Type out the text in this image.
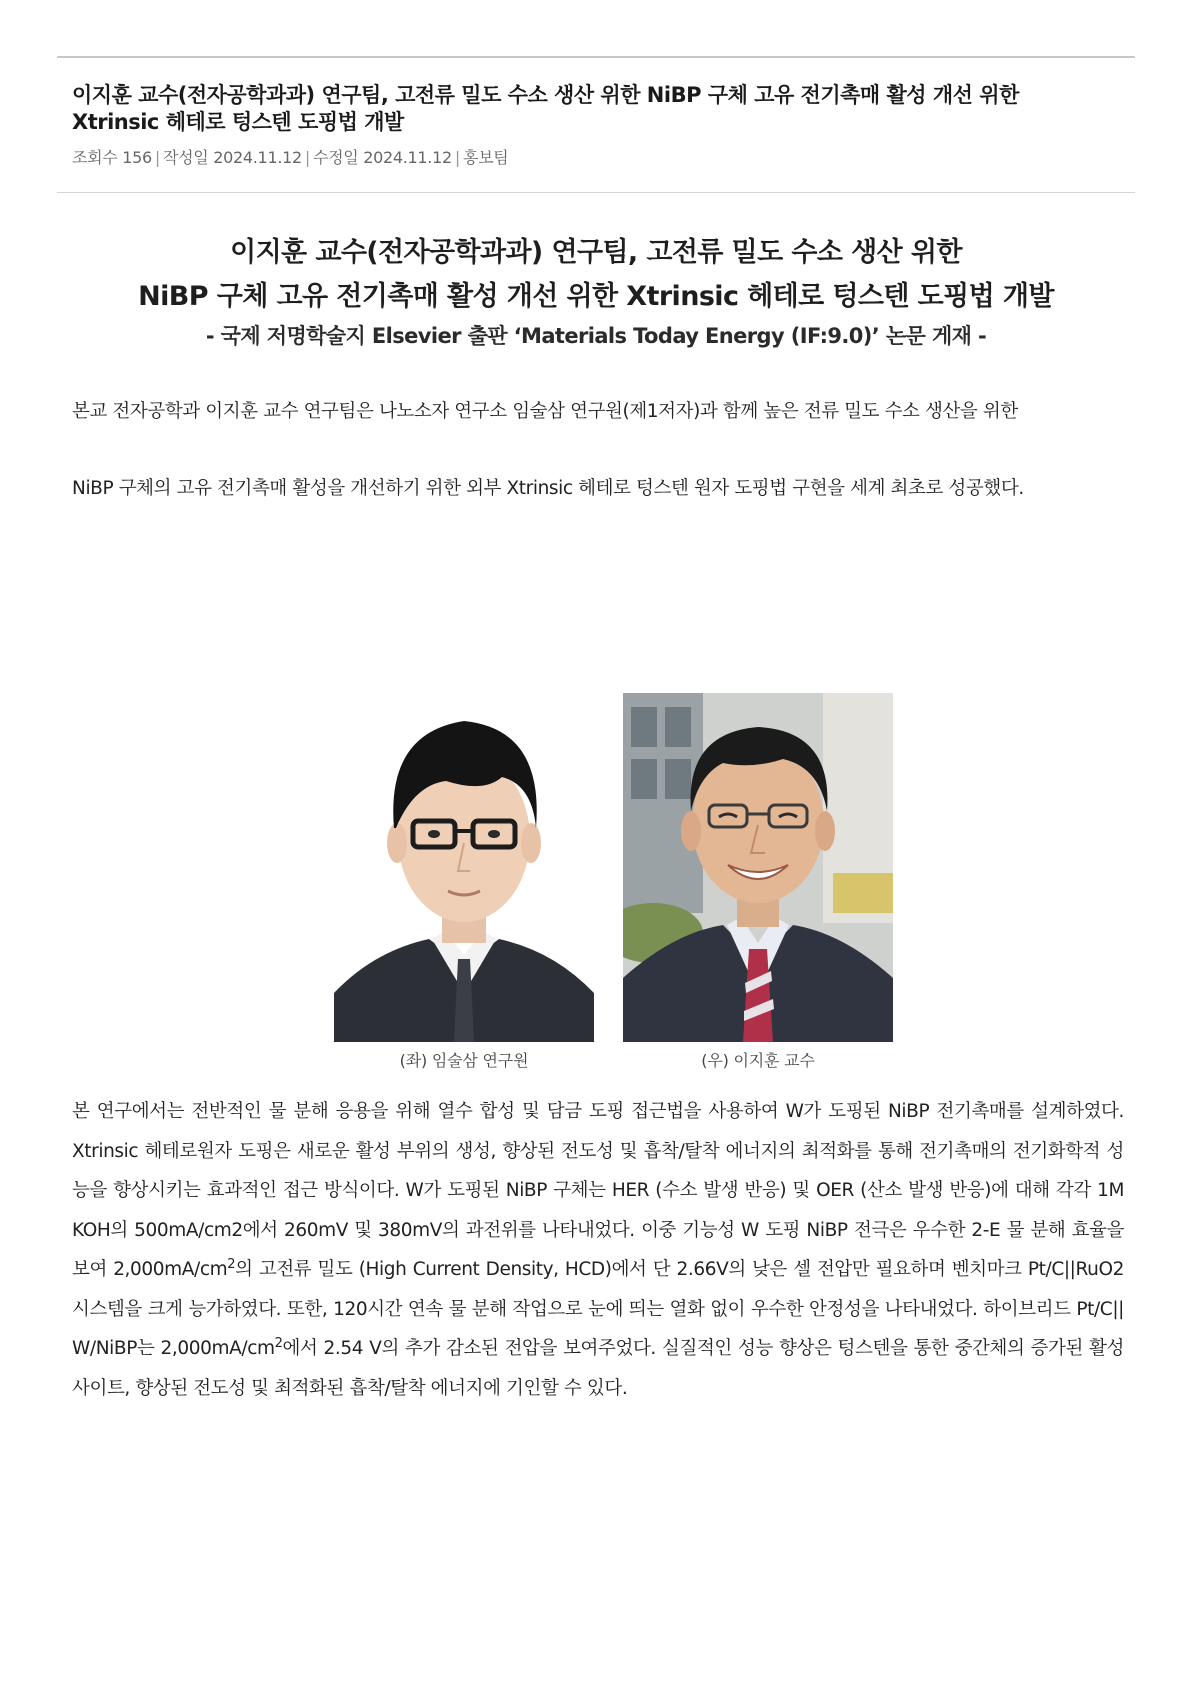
이지훈 교수(전자공학과과) 연구팀, 고전류 밀도 수소 생산 위한 NiBP 구체 고유 전기촉매 활성 개선 위한 Xtrinsic 헤테로 텅스텐 도핑법 개발
조회수 156 | 작성일 2024.11.12 | 수정일 2024.11.12 | 홍보팀
이지훈 교수(전자공학과과) 연구팀, 고전류 밀도 수소 생산 위한
NiBP 구체 고유 전기촉매 활성 개선 위한 Xtrinsic 헤테로 텅스텐 도핑법 개발
- 국제 저명학술지 Elsevier 출판 ‘Materials Today Energy (IF:9.0)’ 논문 게재 -

본교 전자공학과 이지훈 교수 연구팀은 나노소자 연구소 임술삼 연구원(제1저자)과 함께 높은 전류 밀도 수소 생산을 위한

NiBP 구체의 고유 전기촉매 활성을 개선하기 위한 외부 Xtrinsic 헤테로 텅스텐 원자 도핑법 구현을 세계 최초로 성공했다.

(좌) 임술삼 연구원	(우) 이지훈 교수

본 연구에서는 전반적인 물 분해 응용을 위해 열수 합성 및 담금 도핑 접근법을 사용하여 W가 도핑된 NiBP 전기촉매를 설계하였다. Xtrinsic 헤테로원자 도핑은 새로운 활성 부위의 생성, 향상된 전도성 및 흡착/탈착 에너지의 최적화를 통해 전기촉매의 전기화학적 성능을 향상시키는 효과적인 접근 방식이다. W가 도핑된 NiBP 구체는 HER (수소 발생 반응) 및 OER (산소 발생 반응)에 대해 각각 1M KOH의 500mA/cm2에서 260mV 및 380mV의 과전위를 나타내었다. 이중 기능성 W 도핑 NiBP 전극은 우수한 2-E 물 분해 효율을 보여 $2,000mA/cm^2$의 고전류 밀도 (High Current Density, HCD)에서 단 2.66V의 낮은 셀 전압만 필요하며 벤치마크 Pt/C||RuO2 시스템을 크게 능가하였다. 또한, 120시간 연속 물 분해 작업으로 눈에 띄는 열화 없이 우수한 안정성을 나타내었다. 하이브리드 Pt/C|| W/NiBP는 $2,000mA/cm^2$에서 2.54 V의 추가 감소된 전압을 보여주었다. 실질적인 성능 향상은 텅스텐을 통한 중간체의 증가된 활성 사이트, 향상된 전도성 및 최적화된 흡착/탈착 에너지에 기인할 수 있다.
